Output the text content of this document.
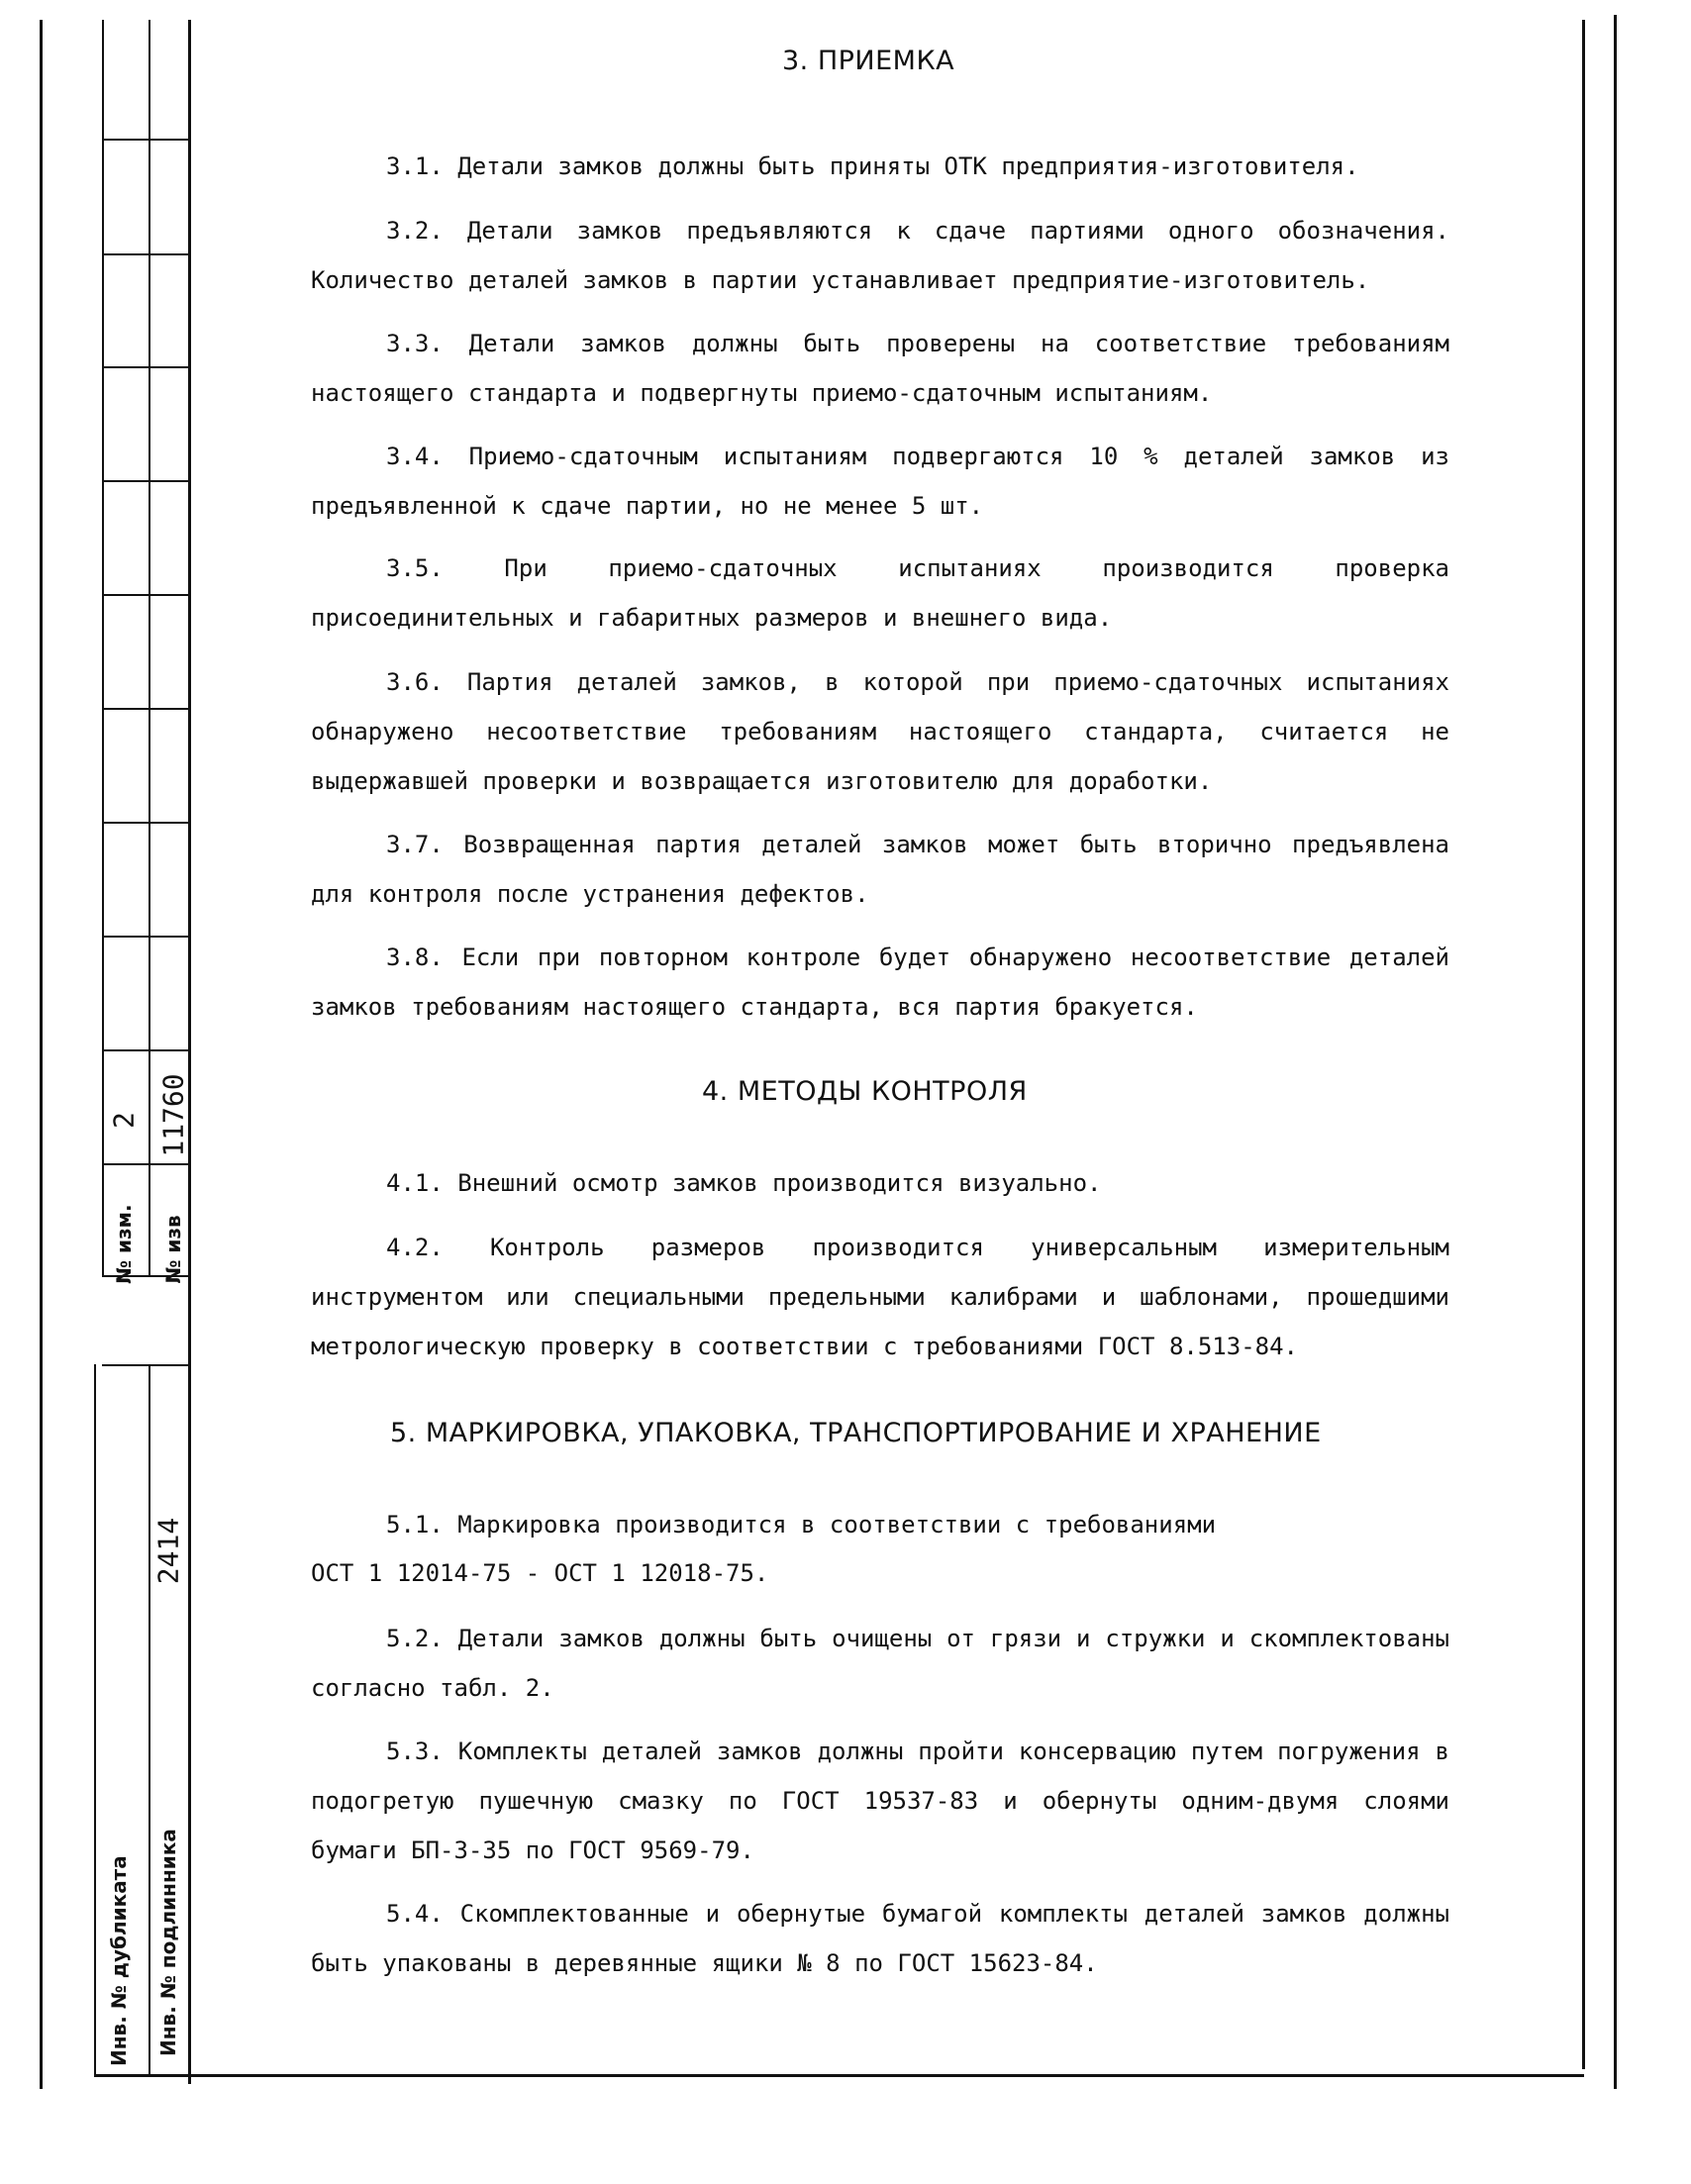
№ изм.
2
№ изв
11760
Инв. № дубликата Инв. № подлинника
2414
3. ПРИЕМКА
3.1. Детали замков должны быть приняты ОТК предприятия-изготовителя.
3.2. Детали замков предъявляются к сдаче партиями одного обозначения. Количество деталей замков в партии устанавливает предприятие-изготовитель.
3.3. Детали замков должны быть проверены на соответствие требованиям настоящего стандарта и подвергнуты приемо-сдаточным испытаниям.
3.4. Приемо-сдаточным испытаниям подвергаются 10 % деталей замков из предъявленной к сдаче партии, но не менее 5 шт.
3.5. При приемо-сдаточных испытаниях производится проверка присоединительных и габаритных размеров и внешнего вида.
3.6. Партия деталей замков, в которой при приемо-сдаточных испытаниях обнаружено несоответствие требованиям настоящего стандарта, считается не выдержавшей проверки и возвращается изготовителю для доработки.
3.7. Возвращенная партия деталей замков может быть вторично предъявлена для контроля после устранения дефектов.
3.8. Если при повторном контроле будет обнаружено несоответствие деталей замков требованиям настоящего стандарта, вся партия бракуется.
4. МЕТОДЫ КОНТРОЛЯ
4.1. Внешний осмотр замков производится визуально.
4.2. Контроль размеров производится универсальным измерительным инструментом или специальными предельными калибрами и шаблонами, прошедшими метрологическую проверку в соответствии с требованиями ГОСТ 8.513-84.
5. МАРКИРОВКА, УПАКОВКА, ТРАНСПОРТИРОВАНИЕ И ХРАНЕНИЕ
5.1. Маркировка производится в соответствии с требованиями
ОСТ 1 12014-75 - ОСТ 1 12018-75.
5.2. Детали замков должны быть очищены от грязи и стружки и скомплектованы согласно табл. 2.
5.3. Комплекты деталей замков должны пройти консервацию путем погружения в подогретую пушечную смазку по ГОСТ 19537-83 и обернуты одним-двумя слоями бумаги БП-3-35 по ГОСТ 9569-79.
5.4. Скомплектованные и обернутые бумагой комплекты деталей замков должны быть упакованы в деревянные ящики № 8 по ГОСТ 15623-84.
